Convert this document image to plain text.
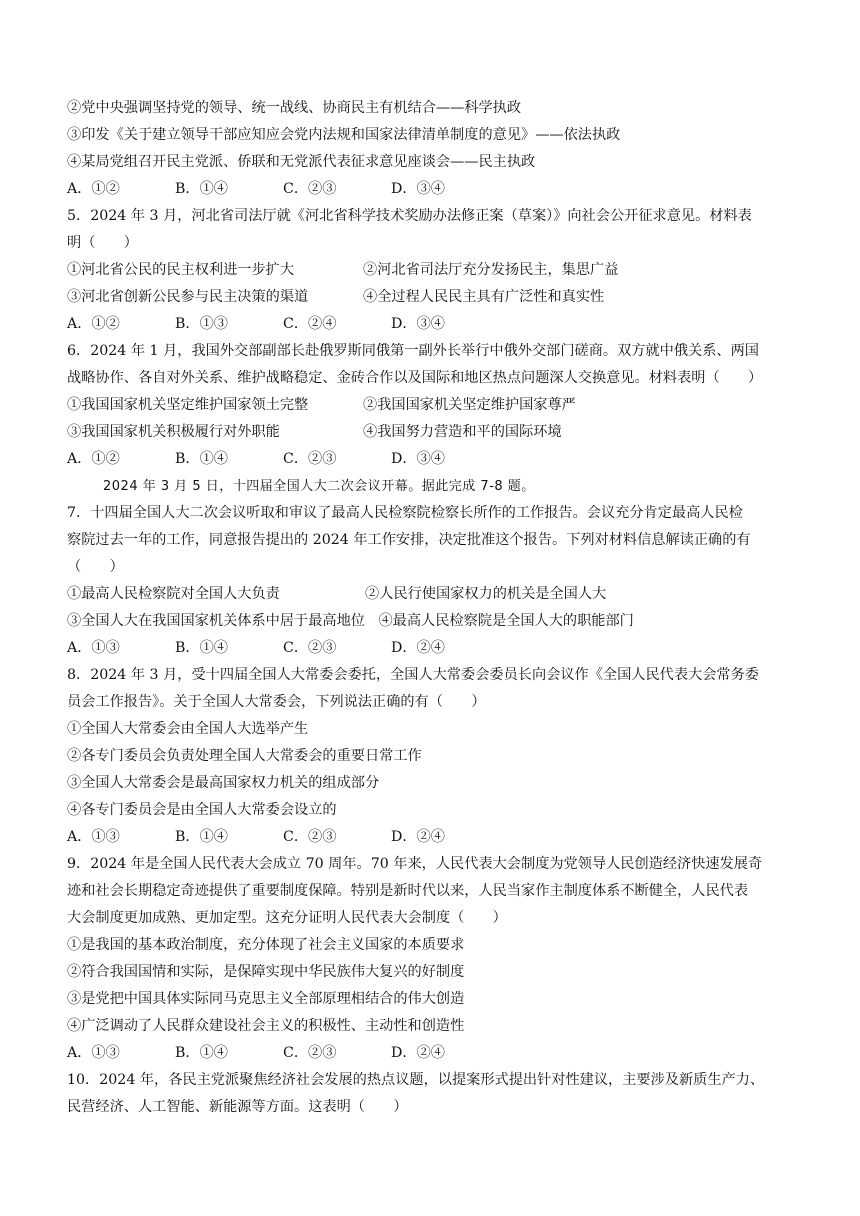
②党中央强调坚持党的领导、统一战线、协商民主有机结合——科学执政
③印发《关于建立领导干部应知应会党内法规和国家法律清单制度的意见》——依法执政
④某局党组召开民主党派、侨联和无党派代表征求意见座谈会——民主执政
A．①②	B．①④	C．②③	D．③④
5．2024 年 3 月，河北省司法厅就《河北省科学技术奖励办法修正案（草案）》向社会公开征求意见。材料表
明（　　）
①河北省公民的民主权利进一步扩大	②河北省司法厅充分发扬民主，集思广益
③河北省创新公民参与民主决策的渠道	④全过程人民民主具有广泛性和真实性
A．①②	B．①③	C．②④	D．③④
6．2024 年 1 月，我国外交部副部长赴俄罗斯同俄第一副外长举行中俄外交部门磋商。双方就中俄关系、两国
战略协作、各自对外关系、维护战略稳定、金砖合作以及国际和地区热点问题深人交换意见。材料表明（　　）
①我国国家机关坚定维护国家领土完整	②我国国家机关坚定维护国家尊严
③我国国家机关积极履行对外职能	④我国努力营造和平的国际环境
A．①②	B．①④	C．②③	D．③④
2024 年 3 月 5 日，十四届全国人大二次会议开幕。据此完成 7-8 题。
7．十四届全国人大二次会议听取和审议了最高人民检察院检察长所作的工作报告。会议充分肯定最高人民检
察院过去一年的工作，同意报告提出的 2024 年工作安排，决定批准这个报告。下列对材料信息解读正确的有
（　　）
①最高人民检察院对全国人大负责	②人民行使国家权力的机关是全国人大
③全国人大在我国国家机关体系中居于最高地位 ④最高人民检察院是全国人大的职能部门
A．①③	B．①④	C．②③	D．②④
8．2024 年 3 月，受十四届全国人大常委会委托，全国人大常委会委员长向会议作《全国人民代表大会常务委
员会工作报告》。关于全国人大常委会，下列说法正确的有（　　）
①全国人大常委会由全国人大选举产生
②各专门委员会负责处理全国人大常委会的重要日常工作
③全国人大常委会是最高国家权力机关的组成部分
④各专门委员会是由全国人大常委会设立的
A．①③	B．①④	C．②③	D．②④
9．2024 年是全国人民代表大会成立 70 周年。70 年来，人民代表大会制度为党领导人民创造经济快速发展奇
迹和社会长期稳定奇迹提供了重要制度保障。特别是新时代以来，人民当家作主制度体系不断健全，人民代表
大会制度更加成熟、更加定型。这充分证明人民代表大会制度（　　）
①是我国的基本政治制度，充分体现了社会主义国家的本质要求
②符合我国国情和实际，是保障实现中华民族伟大复兴的好制度
③是党把中国具体实际同马克思主义全部原理相结合的伟大创造
④广泛调动了人民群众建设社会主义的积极性、主动性和创造性
A．①③	B．①④	C．②③	D．②④
10．2024 年，各民主党派聚焦经济社会发展的热点议题，以提案形式提出针对性建议，主要涉及新质生产力、
民营经济、人工智能、新能源等方面。这表明（　　）
